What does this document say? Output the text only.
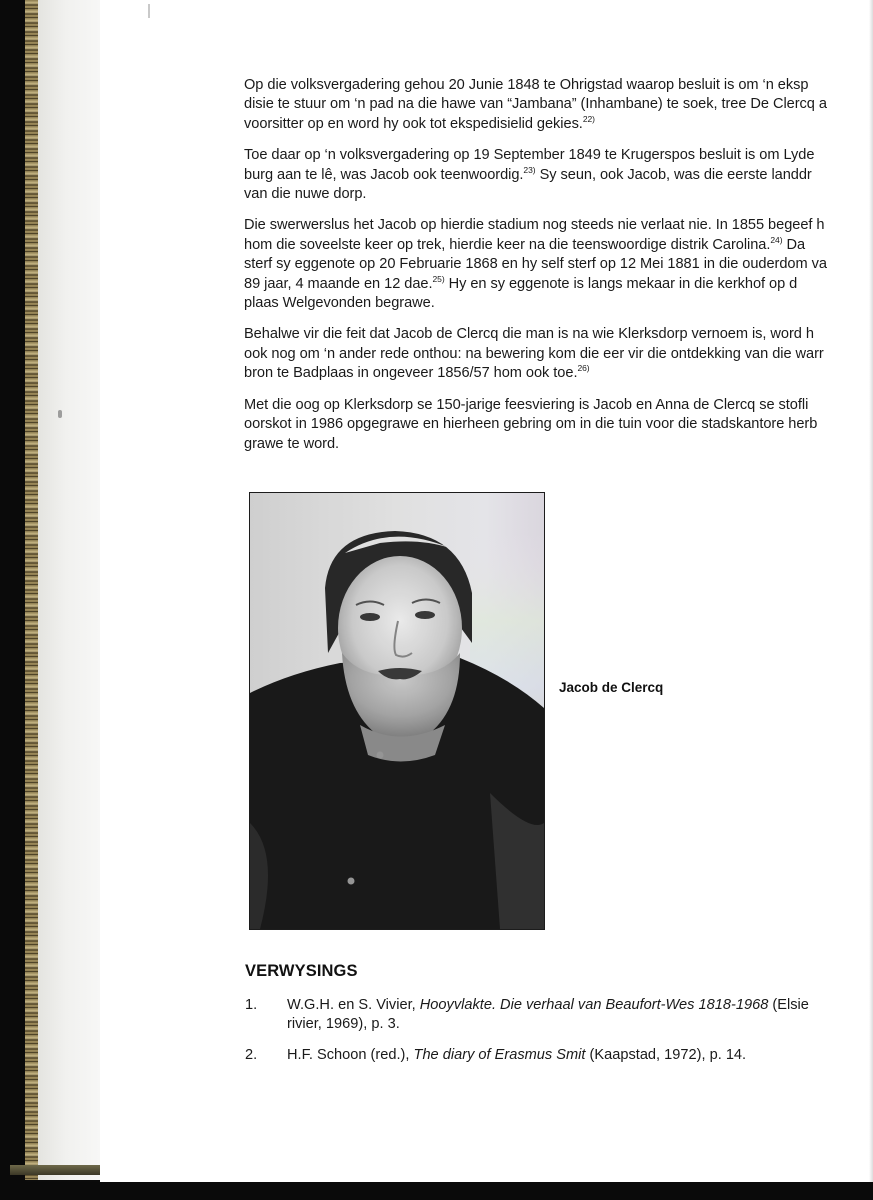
Op die volksvergadering gehou 20 Junie 1848 te Ohrigstad waarop besluit is om ‘n eksp
disie te stuur om ‘n pad na die hawe van “Jambana” (Inhambane) te soek, tree De Clercq a
voorsitter op en word hy ook tot ekspedisielid gekies.$^{22)}$

Toe daar op ‘n volksvergadering op 19 September 1849 te Krugerspos besluit is om Lyde
burg aan te lê, was Jacob ook teenwoordig.$^{23)}$ Sy seun, ook Jacob, was die eerste landdr
van die nuwe dorp.

Die swerwerslus het Jacob op hierdie stadium nog steeds nie verlaat nie. In 1855 begeef h
hom die soveelste keer op trek, hierdie keer na die teenswoordige distrik Carolina.$^{24)}$ Da
sterf sy eggenote op 20 Februarie 1868 en hy self sterf op 12 Mei 1881 in die ouderdom va
89 jaar, 4 maande en 12 dae.$^{25)}$ Hy en sy eggenote is langs mekaar in die kerkhof op d
plaas Welgevonden begrawe.

Behalwe vir die feit dat Jacob de Clercq die man is na wie Klerksdorp vernoem is, word h
ook nog om ‘n ander rede onthou: na bewering kom die eer vir die ontdekking van die warr
bron te Badplaas in ongeveer 1856/57 hom ook toe.$^{26)}$

Met die oog op Klerksdorp se 150-jarige feesviering is Jacob en Anna de Clercq se stofli
oorskot in 1986 opgegrawe en hierheen gebring om in die tuin voor die stadskantore herb
grawe te word.

Jacob de Clercq
VERWYSINGS
1. W.G.H. en S. Vivier, Hooyvlakte. Die verhaal van Beaufort-Wes 1818-1968 (Elsie
rivier, 1969), p. 3.
2. H.F. Schoon (red.), The diary of Erasmus Smit (Kaapstad, 1972), p. 14.
